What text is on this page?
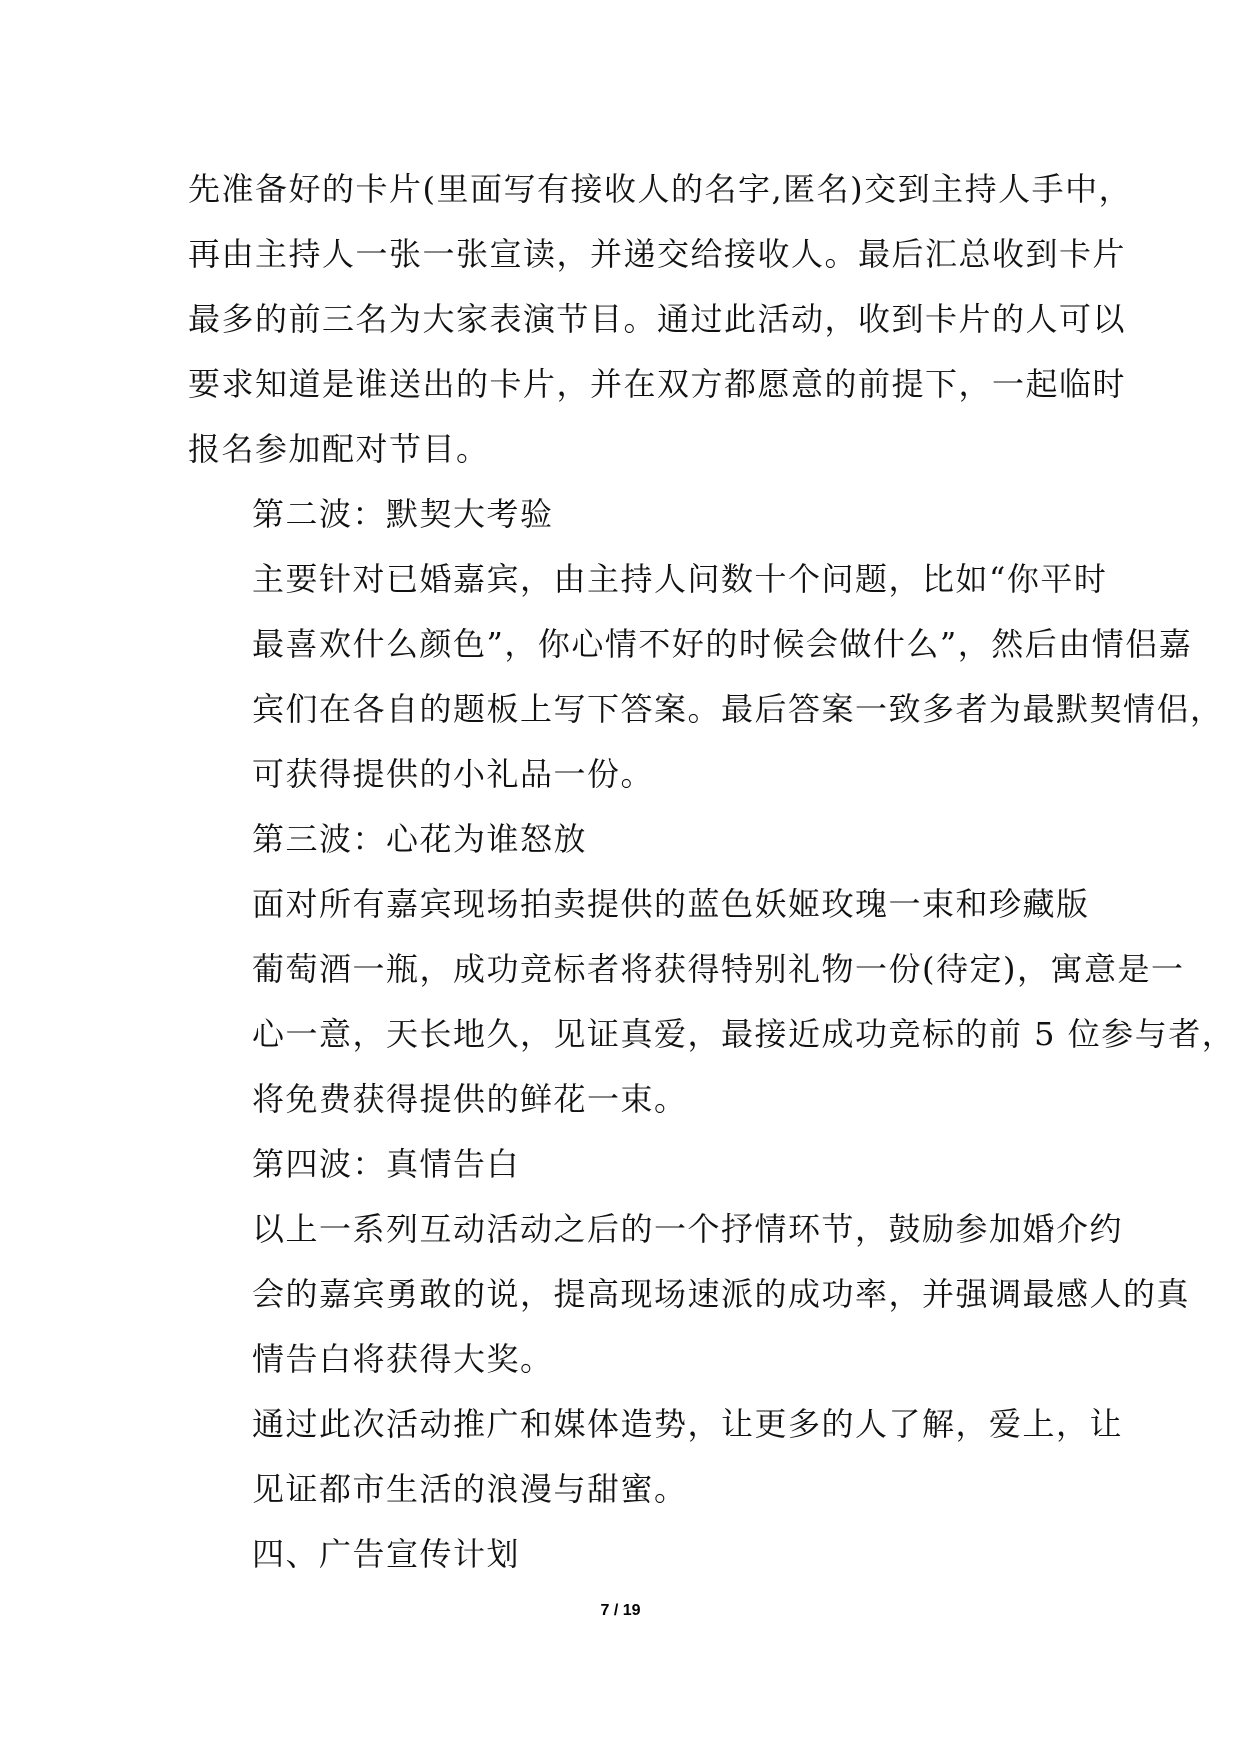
先准备好的卡片(里面写有接收人的名字,匿名)交到主持人手中，
再由主持人一张一张宣读，并递交给接收人。最后汇总收到卡片
最多的前三名为大家表演节目。通过此活动，收到卡片的人可以
要求知道是谁送出的卡片，并在双方都愿意的前提下，一起临时
报名参加配对节目。

第二波：默契大考验

主要针对已婚嘉宾，由主持人问数十个问题，比如“你平时
最喜欢什么颜色”，你心情不好的时候会做什么”，然后由情侣嘉
宾们在各自的题板上写下答案。最后答案一致多者为最默契情侣，
可获得提供的小礼品一份。

第三波：心花为谁怒放

面对所有嘉宾现场拍卖提供的蓝色妖姬玫瑰一束和珍藏版
葡萄酒一瓶，成功竞标者将获得特别礼物一份(待定)，寓意是一
心一意，天长地久，见证真爱，最接近成功竞标的前 5 位参与者，
将免费获得提供的鲜花一束。

第四波：真情告白

以上一系列互动活动之后的一个抒情环节，鼓励参加婚介约
会的嘉宾勇敢的说，提高现场速派的成功率，并强调最感人的真
情告白将获得大奖。

通过此次活动推广和媒体造势，让更多的人了解，爱上，让
见证都市生活的浪漫与甜蜜。

四、广告宣传计划

7 / 19
